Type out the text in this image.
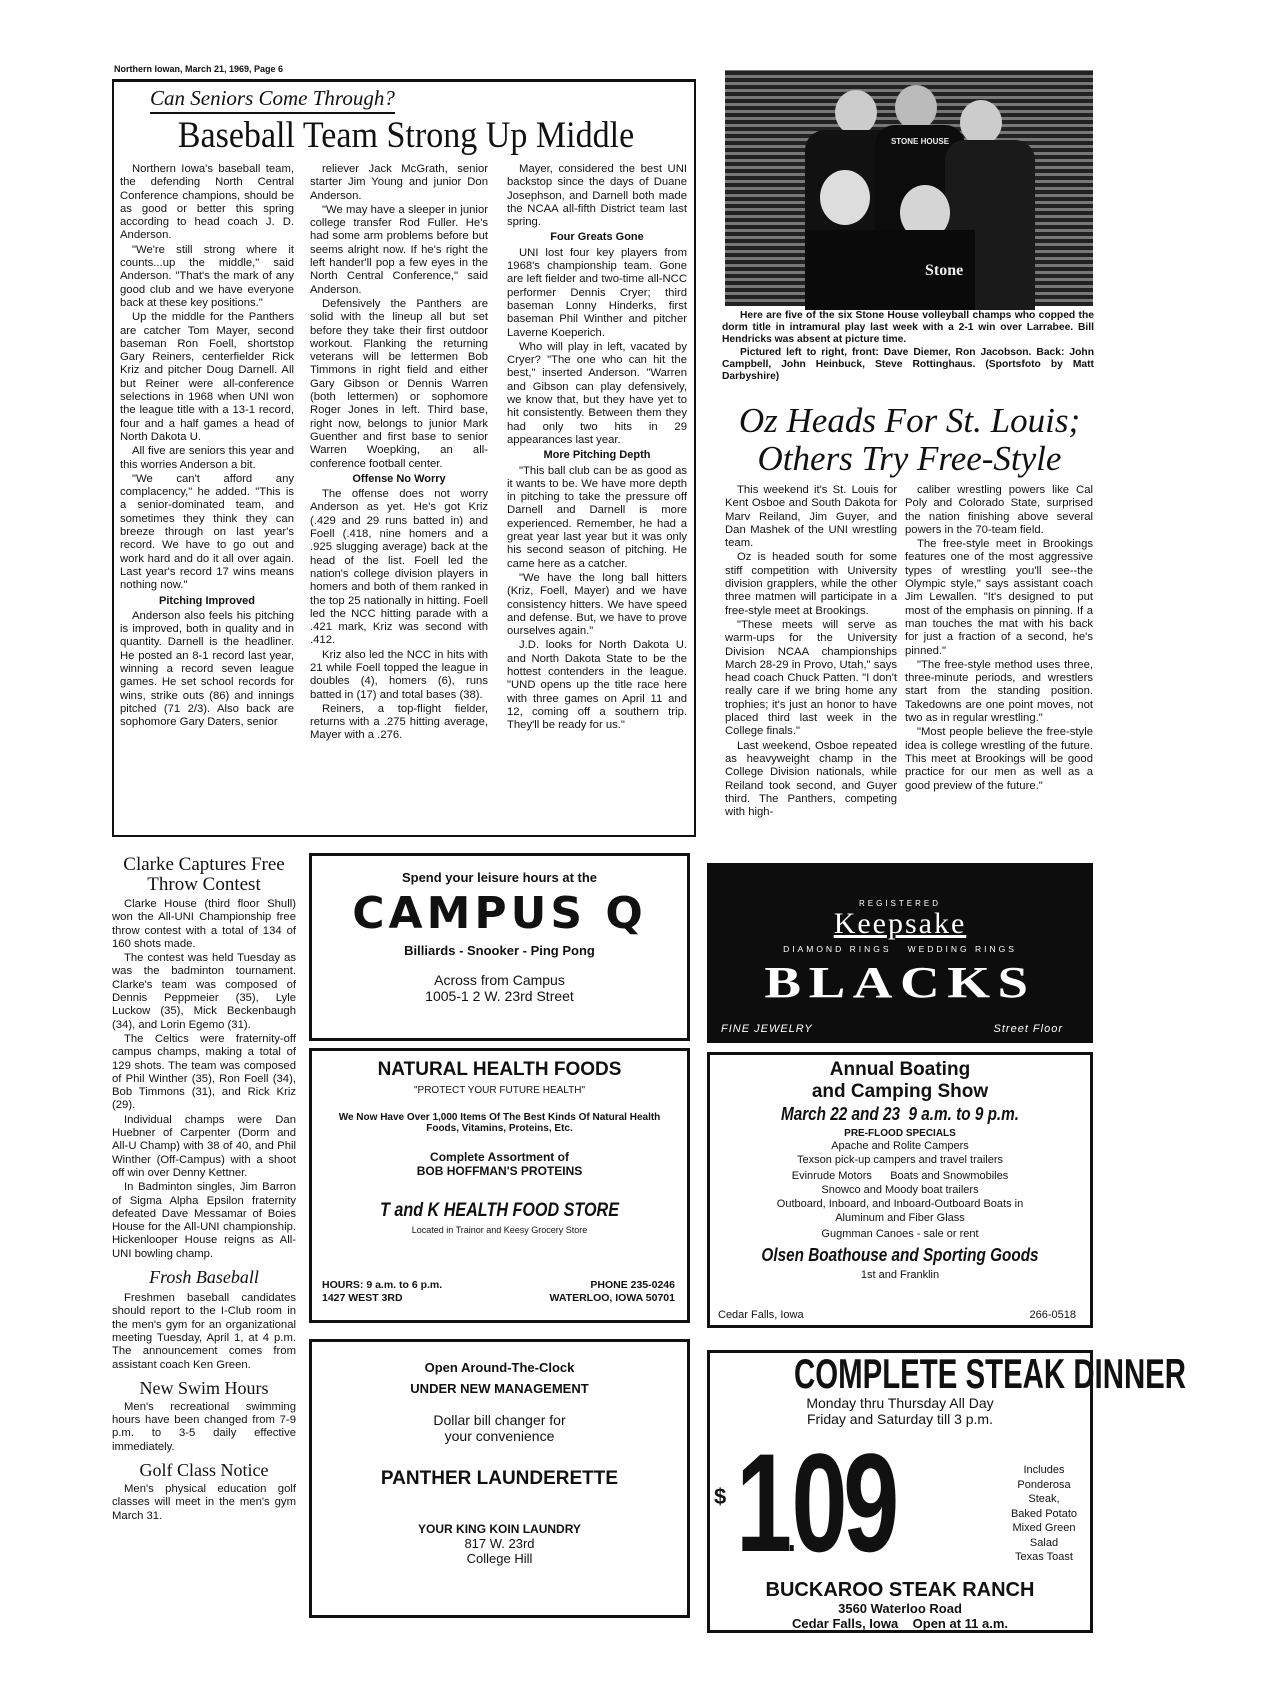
Northern Iowan, March 21, 1969, Page 6
Can Seniors Come Through?
Baseball Team Strong Up Middle

Northern Iowa's baseball team, the defending North Central Conference champions, should be as good or better this spring according to head coach J. D. Anderson.

"We're still strong where it counts...up the middle," said Anderson. "That's the mark of any good club and we have everyone back at these key positions."

Up the middle for the Panthers are catcher Tom Mayer, second baseman Ron Foell, shortstop Gary Reiners, centerfielder Rick Kriz and pitcher Doug Darnell. All but Reiner were all-conference selections in 1968 when UNI won the league title with a 13-1 record, four and a half games a head of North Dakota U.

All five are seniors this year and this worries Anderson a bit.

"We can't afford any complacency," he added. "This is a senior-dominated team, and sometimes they think they can breeze through on last year's record. We have to go out and work hard and do it all over again. Last year's record 17 wins means nothing now."

Pitching Improved

Anderson also feels his pitching is improved, both in quality and in quantity. Darnell is the headliner. He posted an 8-1 record last year, winning a record seven league games. He set school records for wins, strike outs (86) and innings pitched (71 2/3). Also back are sophomore Gary Daters, senior

reliever Jack McGrath, senior starter Jim Young and junior Don Anderson.

"We may have a sleeper in junior college transfer Rod Fuller. He's had some arm problems before but seems alright now. If he's right the left hander'll pop a few eyes in the North Central Conference," said Anderson.

Defensively the Panthers are solid with the lineup all but set before they take their first outdoor workout. Flanking the returning veterans will be lettermen Bob Timmons in right field and either Gary Gibson or Dennis Warren (both lettermen) or sophomore Roger Jones in left. Third base, right now, belongs to junior Mark Guenther and first base to senior Warren Woepking, an all-conference football center.

Offense No Worry

The offense does not worry Anderson as yet. He's got Kriz (.429 and 29 runs batted in) and Foell (.418, nine homers and a .925 slugging average) back at the head of the list. Foell led the nation's college division players in homers and both of them ranked in the top 25 nationally in hitting. Foell led the NCC hitting parade with a .421 mark, Kriz was second with .412.

Kriz also led the NCC in hits with 21 while Foell topped the league in doubles (4), homers (6), runs batted in (17) and total bases (38).

Reiners, a top-flight fielder, returns with a .275 hitting average, Mayer with a .276.

Mayer, considered the best UNI backstop since the days of Duane Josephson, and Darnell both made the NCAA all-fifth District team last spring.

Four Greats Gone

UNI lost four key players from 1968's championship team. Gone are left fielder and two-time all-NCC performer Dennis Cryer; third baseman Lonny Hinderks, first baseman Phil Winther and pitcher Laverne Koeperich.

Who will play in left, vacated by Cryer? "The one who can hit the best," inserted Anderson. "Warren and Gibson can play defensively, we know that, but they have yet to hit consistently. Between them they had only two hits in 29 appearances last year.

More Pitching Depth

"This ball club can be as good as it wants to be. We have more depth in pitching to take the pressure off Darnell and Darnell is more experienced. Remember, he had a great year last year but it was only his second season of pitching. He came here as a catcher.

"We have the long ball hitters (Kriz, Foell, Mayer) and we have consistency hitters. We have speed and defense. But, we have to prove ourselves again."

J.D. looks for North Dakota U. and North Dakota State to be the hottest contenders in the league. "UND opens up the title race here with three games on April 11 and 12, coming off a southern trip. They'll be ready for us."

STONE HOUSE
Stone

Here are five of the six Stone House volleyball champs who copped the dorm title in intramural play last week with a 2-1 win over Larrabee. Bill Hendricks was absent at picture time.

Pictured left to right, front: Dave Diemer, Ron Jacobson. Back: John Campbell, John Heinbuck, Steve Rottinghaus. (Sportsfoto by Matt Darbyshire)

Oz Heads For St. Louis;
Others Try Free-Style

This weekend it's St. Louis for Kent Osboe and South Dakota for Marv Reiland, Jim Guyer, and Dan Mashek of the UNI wrestling team.

Oz is headed south for some stiff competition with University division grapplers, while the other three matmen will participate in a free-style meet at Brookings.

"These meets will serve as warm-ups for the University Division NCAA championships March 28-29 in Provo, Utah," says head coach Chuck Patten. "I don't really care if we bring home any trophies; it's just an honor to have placed third last week in the College finals."

Last weekend, Osboe repeated as heavyweight champ in the College Division nationals, while Reiland took second, and Guyer third. The Panthers, competing with high-

caliber wrestling powers like Cal Poly and Colorado State, surprised the nation finishing above several powers in the 70-team field.

The free-style meet in Brookings features one of the most aggressive types of wrestling you'll see--the Olympic style," says assistant coach Jim Lewallen. "It's designed to put most of the emphasis on pinning. If a man touches the mat with his back for just a fraction of a second, he's pinned."

"The free-style method uses three, three-minute periods, and wrestlers start from the standing position. Takedowns are one point moves, not two as in regular wrestling."

"Most people believe the free-style idea is college wrestling of the future. This meet at Brookings will be good practice for our men as well as a good preview of the future."

Clarke Captures Free Throw Contest

Clarke House (third floor Shull) won the All-UNI Championship free throw contest with a total of 134 of 160 shots made.

The contest was held Tuesday as was the badminton tournament. Clarke's team was composed of Dennis Peppmeier (35), Lyle Luckow (35), Mick Beckenbaugh (34), and Lorin Egemo (31).

The Celtics were fraternity-off campus champs, making a total of 129 shots. The team was composed of Phil Winther (35), Ron Foell (34), Bob Timmons (31), and Rick Kriz (29).

Individual champs were Dan Huebner of Carpenter (Dorm and All-U Champ) with 38 of 40, and Phil Winther (Off-Campus) with a shoot off win over Denny Kettner.

In Badminton singles, Jim Barron of Sigma Alpha Epsilon fraternity defeated Dave Messamar of Boies House for the All-UNI championship. Hickenlooper House reigns as All-UNI bowling champ.

Frosh Baseball

Freshmen baseball candidates should report to the I-Club room in the men's gym for an organizational meeting Tuesday, April 1, at 4 p.m. The announcement comes from assistant coach Ken Green.

New Swim Hours

Men's recreational swimming hours have been changed from 7-9 p.m. to 3-5 daily effective immediately.

Golf Class Notice

Men's physical education golf classes will meet in the men's gym March 31.

Spend your leisure hours at the
CAMPUS Q
Billiards - Snooker - Ping Pong
Across from Campus
1005-1 2 W. 23rd Street
REGISTERED
Keepsake
DIAMOND RINGS   WEDDING RINGS
BLACKS
FINE JEWELRY	Street Floor
NATURAL HEALTH FOODS
"PROTECT YOUR FUTURE HEALTH"
We Now Have Over 1,000 Items Of The Best Kinds Of Natural Health Foods, Vitamins, Proteins, Etc.
Complete Assortment of
BOB HOFFMAN'S PROTEINS
T and K HEALTH FOOD STORE
Located in Trainor and Keesy Grocery Store
HOURS: 9 a.m. to 6 p.m.
1427 WEST 3RD
PHONE 235-0246
WATERLOO, IOWA 50701
Annual Boating
and Camping Show
March 22 and 23  9 a.m. to 9 p.m.
PRE-FLOOD SPECIALS
Apache and Rolite Campers
Texson pick-up campers and travel trailers
Evinrude Motors Boats and Snowmobiles
Snowco and Moody boat trailers
Outboard, Inboard, and Inboard-Outboard Boats in
Aluminum and Fiber Glass
Gugmman Canoes - sale or rent
Olsen Boathouse and Sporting Goods
1st and Franklin
Cedar Falls, Iowa	266-0518
Open Around-The-Clock
UNDER NEW MANAGEMENT
Dollar bill changer for
your convenience
PANTHER LAUNDERETTE
YOUR KING KOIN LAUNDRY
817 W. 23rd
College Hill
COMPLETE STEAK DINNER
Monday thru Thursday All Day
Friday and Saturday till 3 p.m.
$ 1.09	Includes
Ponderosa
Steak,
Baked Potato
Mixed Green
Salad
Texas Toast
BUCKAROO STEAK RANCH
3560 Waterloo Road
Cedar Falls, Iowa Open at 11 a.m.
